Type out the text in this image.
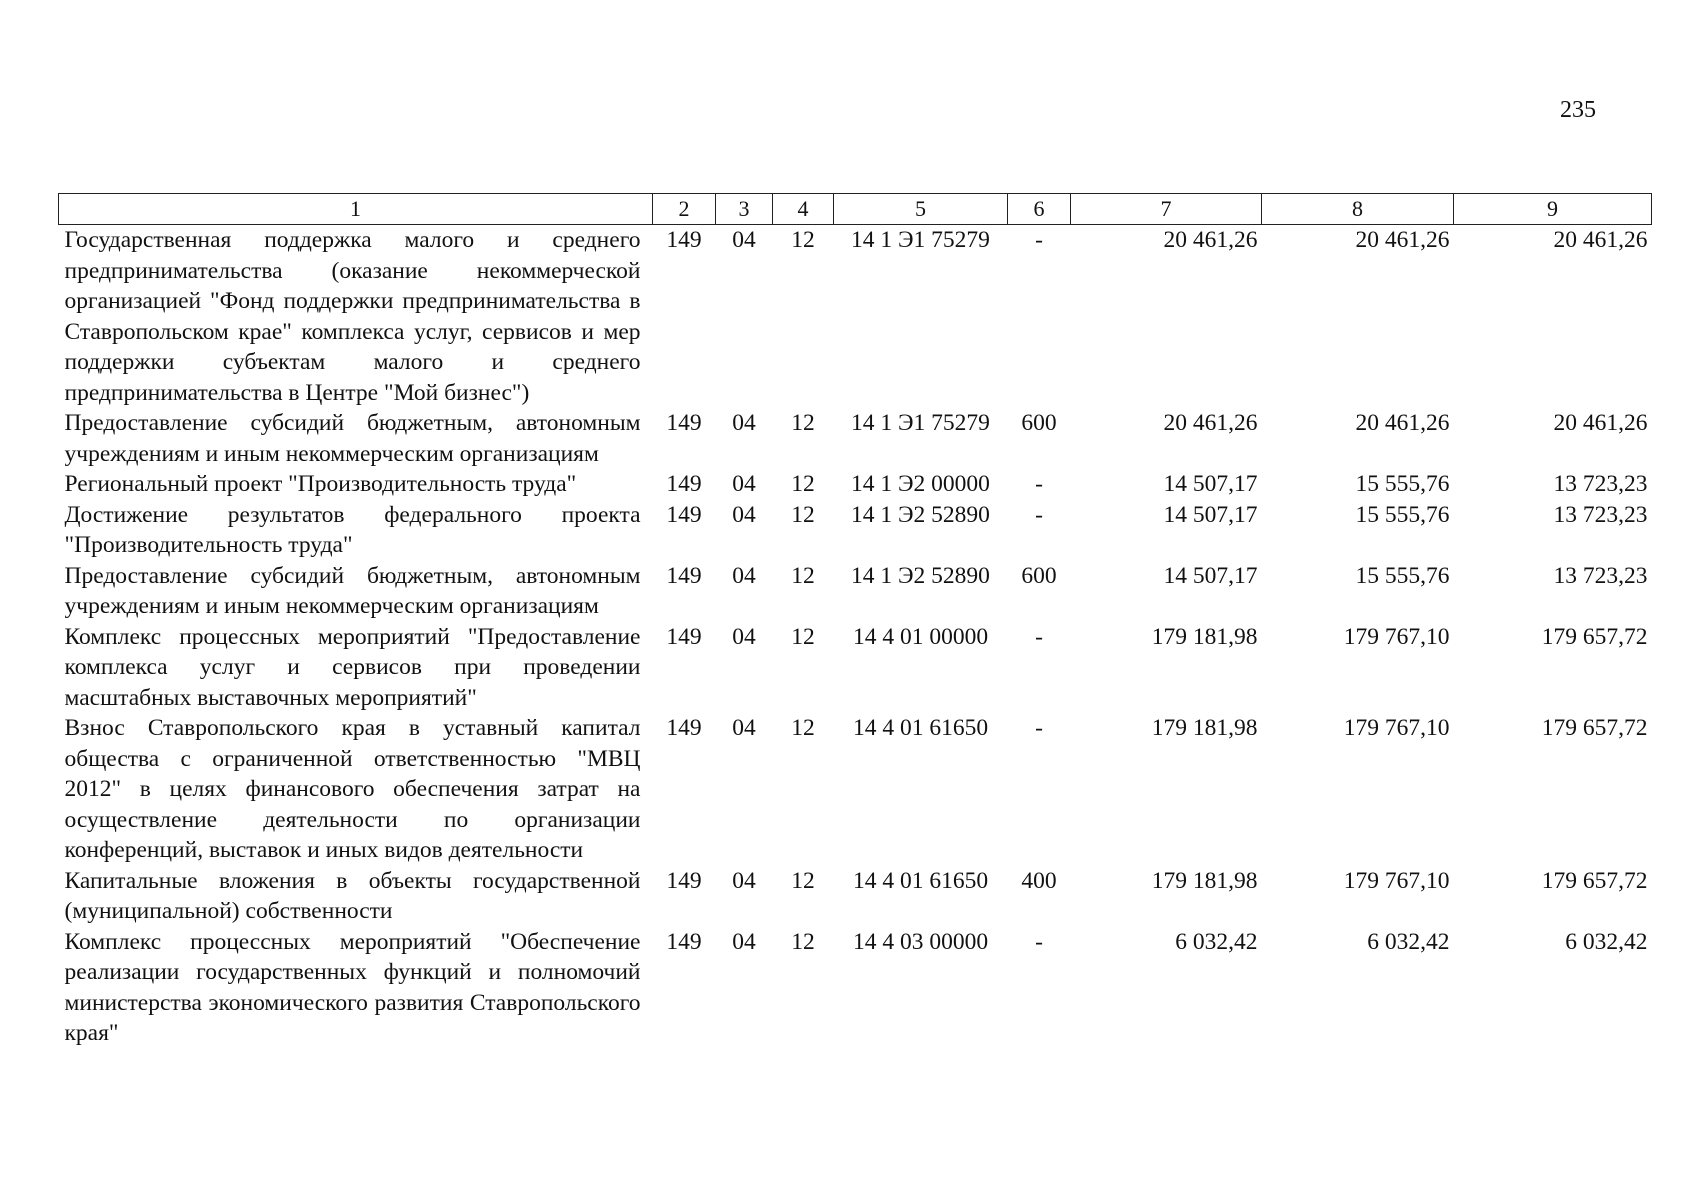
235
1	2	3	4	5	6	7	8	9
Государственная поддержка малого и среднего предпринимательства (оказание некоммерческой организацией "Фонд поддержки предпринимательства в Ставропольском крае" комплекса услуг, сервисов и мер поддержки субъектам малого и среднего предпринимательства в Центре "Мой бизнес")	149	04	12	14 1 Э1 75279	-	20 461,26	20 461,26	20 461,26
Предоставление субсидий бюджетным, автономным учреждениям и иным некоммерческим организациям	149	04	12	14 1 Э1 75279	600	20 461,26	20 461,26	20 461,26
Региональный проект "Производительность труда"	149	04	12	14 1 Э2 00000	-	14 507,17	15 555,76	13 723,23
Достижение результатов федерального проекта "Производительность труда"	149	04	12	14 1 Э2 52890	-	14 507,17	15 555,76	13 723,23
Предоставление субсидий бюджетным, автономным учреждениям и иным некоммерческим организациям	149	04	12	14 1 Э2 52890	600	14 507,17	15 555,76	13 723,23
Комплекс процессных мероприятий "Предоставление комплекса услуг и сервисов при проведении масштабных выставочных мероприятий"	149	04	12	14 4 01 00000	-	179 181,98	179 767,10	179 657,72
Взнос Ставропольского края в уставный капитал общества с ограниченной ответственностью "МВЦ 2012" в целях финансового обеспечения затрат на осуществление деятельности по организации конференций, выставок и иных видов деятельности	149	04	12	14 4 01 61650	-	179 181,98	179 767,10	179 657,72
Капитальные вложения в объекты государственной (муниципальной) собственности	149	04	12	14 4 01 61650	400	179 181,98	179 767,10	179 657,72
Комплекс процессных мероприятий "Обеспечение реализации государственных функций и полномочий министерства экономического развития Ставропольского края"	149	04	12	14 4 03 00000	-	6 032,42	6 032,42	6 032,42
